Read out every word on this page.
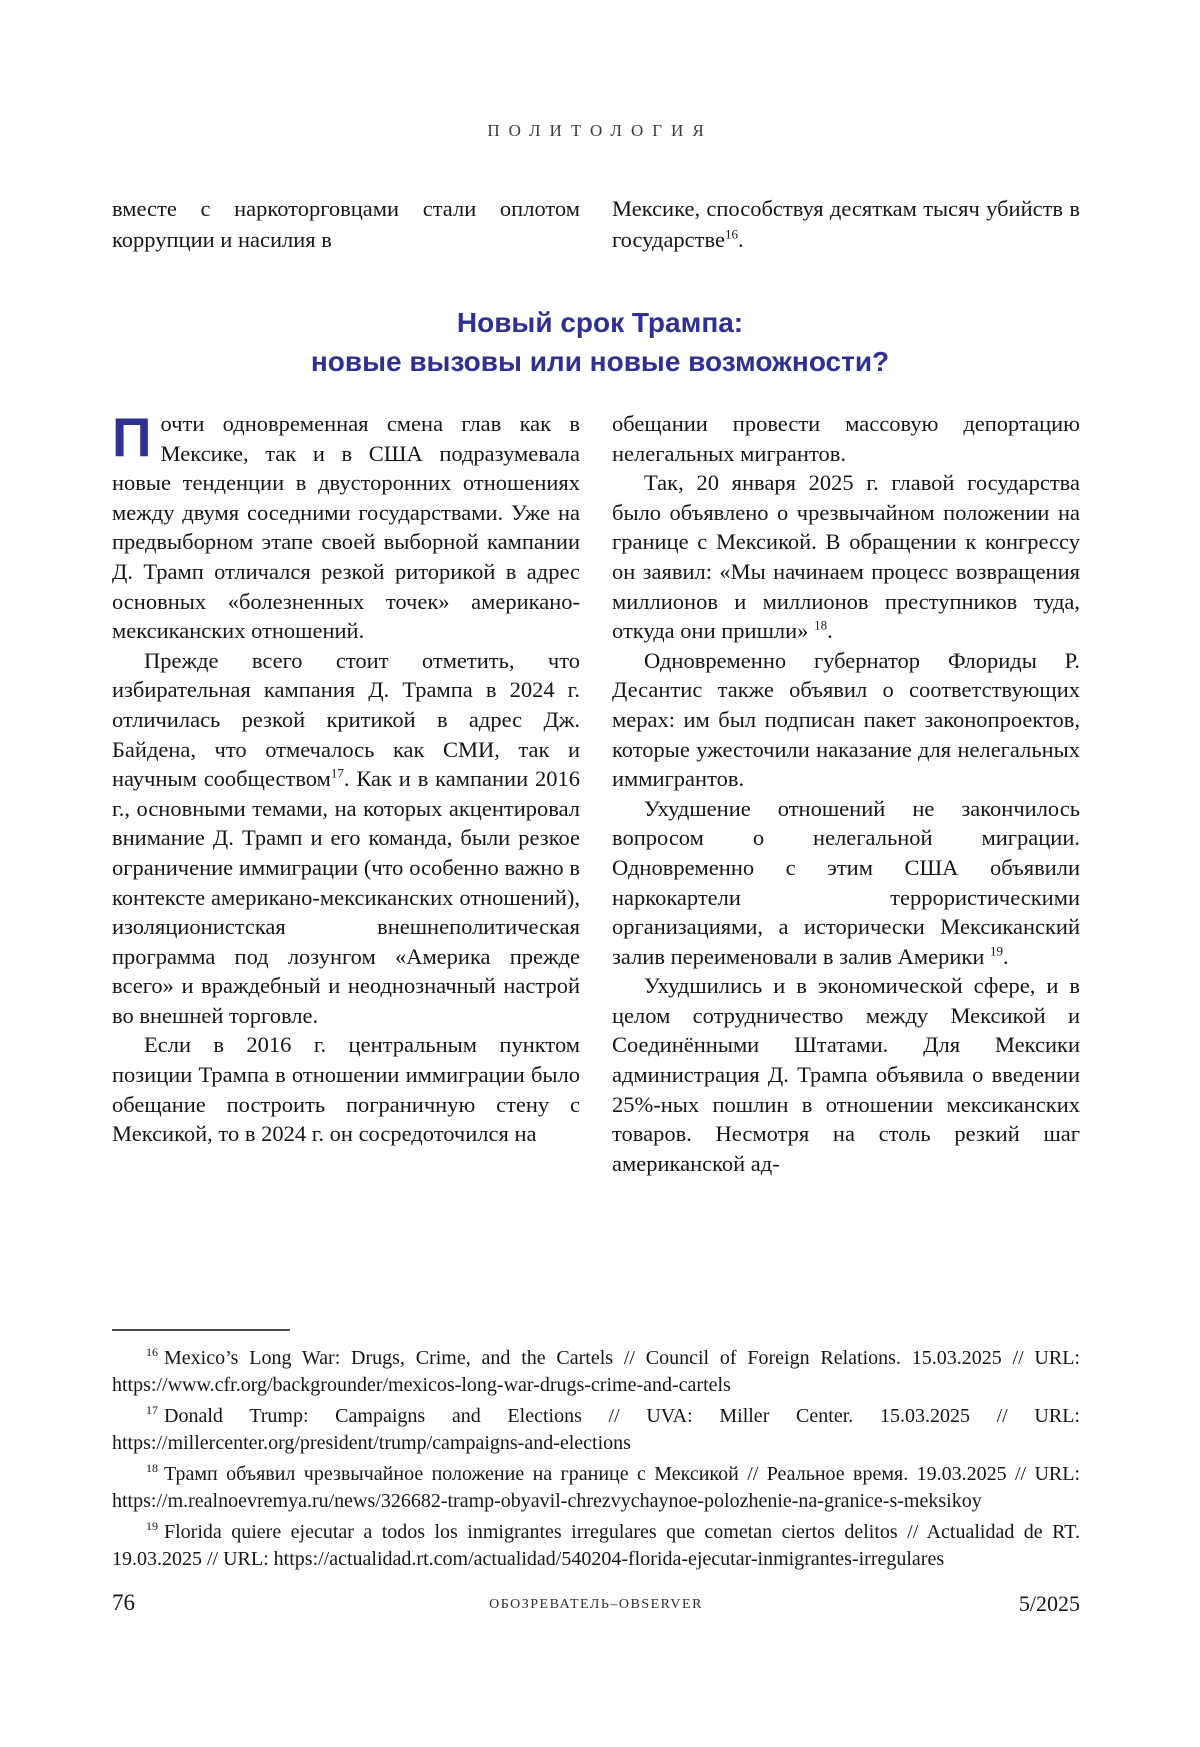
ПОЛИТОЛОГИЯ

вместе с наркоторговцами стали оплотом коррупции и насилия в

Мексике, способствуя десяткам тысяч убийств в государстве$^{16}$.

Новый срок Трампа:
новые вызовы или новые возможности?

Почти одновременная смена глав как в Мексике, так и в США подразумевала новые тенденции в двусторонних отношениях между двумя соседними государствами. Уже на предвыборном этапе своей выборной кампании Д. Трамп отличался резкой риторикой в адрес основных «болезненных точек» американо-мексиканских отношений.

Прежде всего стоит отметить, что избирательная кампания Д. Трампа в 2024 г. отличилась резкой критикой в адрес Дж. Байдена, что отмечалось как СМИ, так и научным сообществом$^{17}$. Как и в кампании 2016 г., основными темами, на которых акцентировал внимание Д. Трамп и его команда, были резкое ограничение иммиграции (что особенно важно в контексте американо-мексиканских отношений), изоляционистская внешнеполитическая программа под лозунгом «Америка прежде всего» и враждебный и неоднозначный настрой во внешней торговле.

Если в 2016 г. центральным пунктом позиции Трампа в отношении иммиграции было обещание построить пограничную стену с Мексикой, то в 2024 г. он сосредоточился на

обещании провести массовую депортацию нелегальных мигрантов.

Так, 20 января 2025 г. главой государства было объявлено о чрезвычайном положении на границе с Мексикой. В обращении к конгрессу он заявил: «Мы начинаем процесс возвращения миллионов и миллионов преступников туда, откуда они пришли» $^{18}$.

Одновременно губернатор Флориды Р. Десантис также объявил о соответствующих мерах: им был подписан пакет законопроектов, которые ужесточили наказание для нелегальных иммигрантов.

Ухудшение отношений не закончилось вопросом о нелегальной миграции. Одновременно с этим США объявили наркокартели террористическими организациями, а исторически Мексиканский залив переименовали в залив Америки $^{19}$.

Ухудшились и в экономической сфере, и в целом сотрудничество между Мексикой и Соединёнными Штатами. Для Мексики администрация Д. Трампа объявила о введении 25%-ных пошлин в отношении мексиканских товаров. Несмотря на столь резкий шаг американской ад-

$^{16}$ Mexico’s Long War: Drugs, Crime, and the Cartels // Council of Foreign Relations. 15.03.2025 // URL: https://www.cfr.org/backgrounder/mexicos-long-war-drugs-crime-and-cartels

$^{17}$ Donald Trump: Campaigns and Elections // UVA: Miller Center. 15.03.2025 // URL: https://millercenter.org/president/trump/campaigns-and-elections

$^{18}$ Трамп объявил чрезвычайное положение на границе с Мексикой // Реальное время. 19.03.2025 // URL: https://m.realnoevremya.ru/news/326682-tramp-obyavil-chrezvychaynoe-polozhenie-na-granice-s-meksikoy

$^{19}$ Florida quiere ejecutar a todos los inmigrantes irregulares que cometan ciertos delitos // Actualidad de RT. 19.03.2025 // URL: https://actualidad.rt.com/actualidad/540204-florida-ejecutar-inmigrantes-irregulares

76	ОБОЗРЕВАТЕЛЬ–OBSERVER	5/2025
